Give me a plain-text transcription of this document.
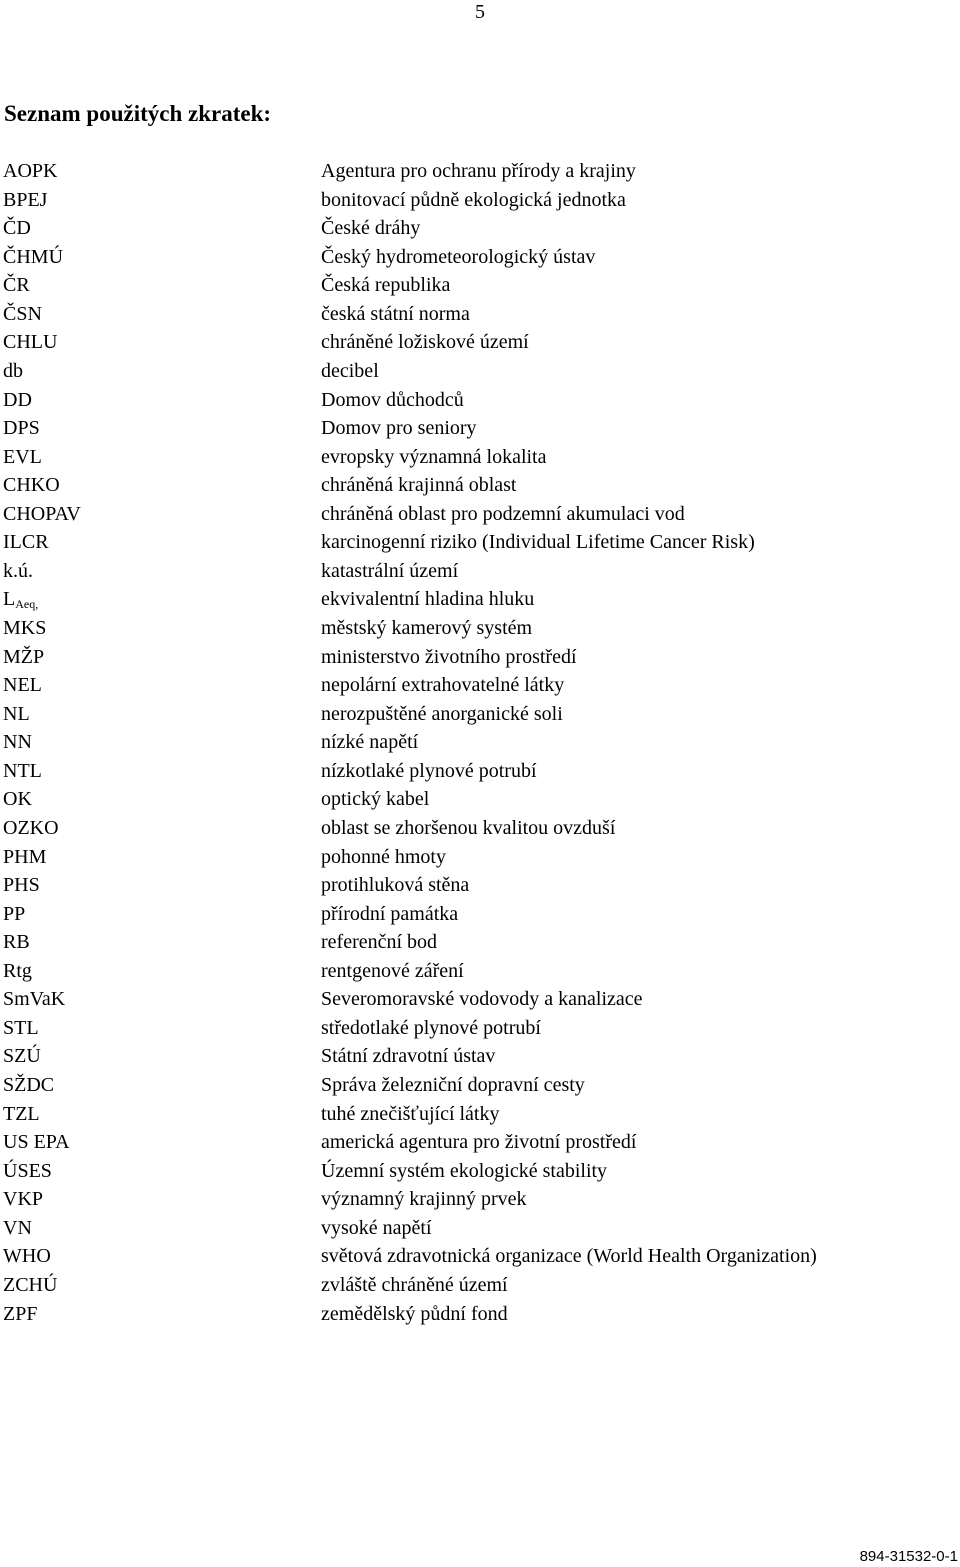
5
Seznam použitých zkratek:
AOPK	Agentura pro ochranu přírody a krajiny
BPEJ	bonitovací půdně ekologická jednotka
ČD	České dráhy
ČHMÚ	Český hydrometeorologický ústav
ČR	Česká republika
ČSN	česká státní norma
CHLU	chráněné ložiskové území
db	decibel
DD	Domov důchodců
DPS	Domov pro seniory
EVL	evropsky významná lokalita
CHKO	chráněná krajinná oblast
CHOPAV	chráněná oblast pro podzemní akumulaci vod
ILCR	karcinogenní riziko (Individual Lifetime Cancer Risk)
k.ú.	katastrální území
$L_{Aeq,}$	ekvivalentní hladina hluku
MKS	městský kamerový systém
MŽP	ministerstvo životního prostředí
NEL	nepolární extrahovatelné látky
NL	nerozpuštěné anorganické soli
NN	nízké napětí
NTL	nízkotlaké plynové potrubí
OK	optický kabel
OZKO	oblast se zhoršenou kvalitou ovzduší
PHM	pohonné hmoty
PHS	protihluková stěna
PP	přírodní památka
RB	referenční bod
Rtg	rentgenové záření
SmVaK	Severomoravské vodovody a kanalizace
STL	středotlaké plynové potrubí
SZÚ	Státní zdravotní ústav
SŽDC	Správa železniční dopravní cesty
TZL	tuhé znečišťující látky
US EPA	americká agentura pro životní prostředí
ÚSES	Územní systém ekologické stability
VKP	významný krajinný prvek
VN	vysoké napětí
WHO	světová zdravotnická organizace (World Health Organization)
ZCHÚ	zvláště chráněné území
ZPF	zemědělský půdní fond
894-31532-0-1
